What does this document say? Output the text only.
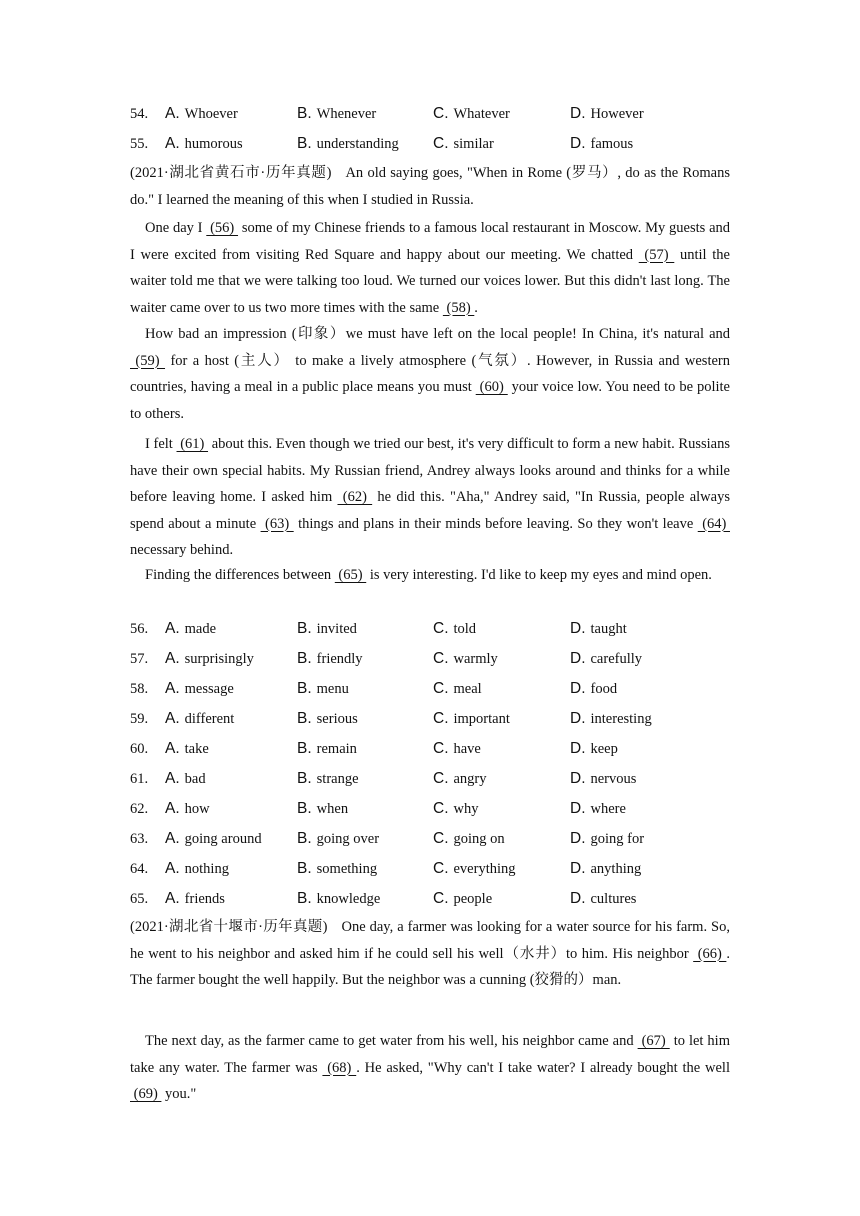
54. A. Whoever	B. Whenever	C. Whatever	D. However
55. A. humorous	B. understanding C. similar	D. famous

(2021·湖北省黄石市·历年真题) An old saying goes, "When in Rome (罗马）, do as the Romans do." I learned the meaning of this when I studied in Russia.

One day I  (56)  some of my Chinese friends to a famous local restaurant in Moscow. My guests and I were excited from visiting Red Square and happy about our meeting. We chatted  (57)  until the waiter told me that we were talking too loud. We turned our voices lower. But this didn't last long. The waiter came over to us two more times with the same  (58) .

How bad an impression (印象）we must have left on the local people! In China, it's natural and  (59)  for a host (主人） to make a lively atmosphere (气氛）. However, in Russia and western countries, having a meal in a public place means you must  (60)  your voice low. You need to be polite to others.

I felt  (61)  about this. Even though we tried our best, it's very difficult to form a new habit. Russians have their own special habits. My Russian friend, Andrey always looks around and thinks for a while before leaving home. I asked him  (62)  he did this. "Aha," Andrey said, "In Russia, people always spend about a minute  (63)  things and plans in their minds before leaving. So they won't leave  (64)  necessary behind.

Finding the differences between  (65)  is very interesting. I'd like to keep my eyes and mind open.

56. A. made	B. invited	C. told	D. taught
57. A. surprisingly	B. friendly	C. warmly	D. carefully
58. A. message	B. menu	C. meal	D. food
59. A. different	B. serious	C. important	D. interesting
60. A. take	B. remain	C. have	D. keep
61. A. bad	B. strange	C. angry	D. nervous
62. A. how	B. when	C. why	D. where
63. A. going around B. going over	C. going on	D. going for
64. A. nothing	B. something	C. everything	D. anything
65. A. friends	B. knowledge	C. people	D. cultures

(2021·湖北省十堰市·历年真题) One day, a farmer was looking for a water source for his farm. So, he went to his neighbor and asked him if he could sell his well（水井）to him. His neighbor  (66) . The farmer bought the well happily. But the neighbor was a cunning (狡猾的）man.

The next day, as the farmer came to get water from his well, his neighbor came and  (67)  to let him take any water. The farmer was  (68) . He asked, "Why can't I take water? I already bought the well  (69)  you."
